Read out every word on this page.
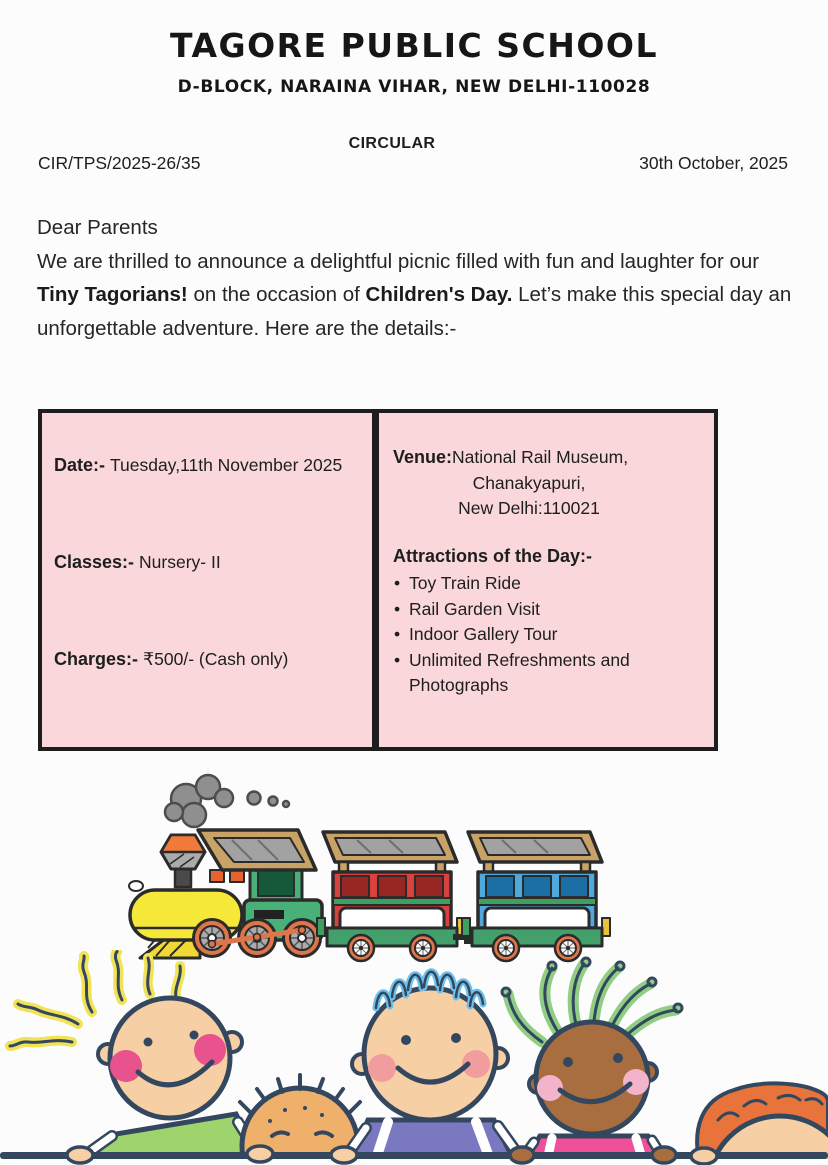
TAGORE PUBLIC SCHOOL
D-BLOCK, NARAINA VIHAR, NEW DELHI-110028
CIRCULAR
CIR/TPS/2025-26/35	30th October, 2025
Dear Parents

We are thrilled to announce a delightful picnic filled with fun and laughter for our Tiny Tagorians! on the occasion of Children's Day. Let’s make this special day an unforgettable adventure. Here are the details:-

Date:- Tuesday,11th November 2025
Classes:- Nursery- II
Charges:- ₹500/- (Cash only)
Venue:National Rail Museum,
Chanakyapuri,
New Delhi:110021
Attractions of the Day:-
• Toy Train Ride
• Rail Garden Visit
• Indoor Gallery Tour
• Unlimited Refreshments and Photographs
